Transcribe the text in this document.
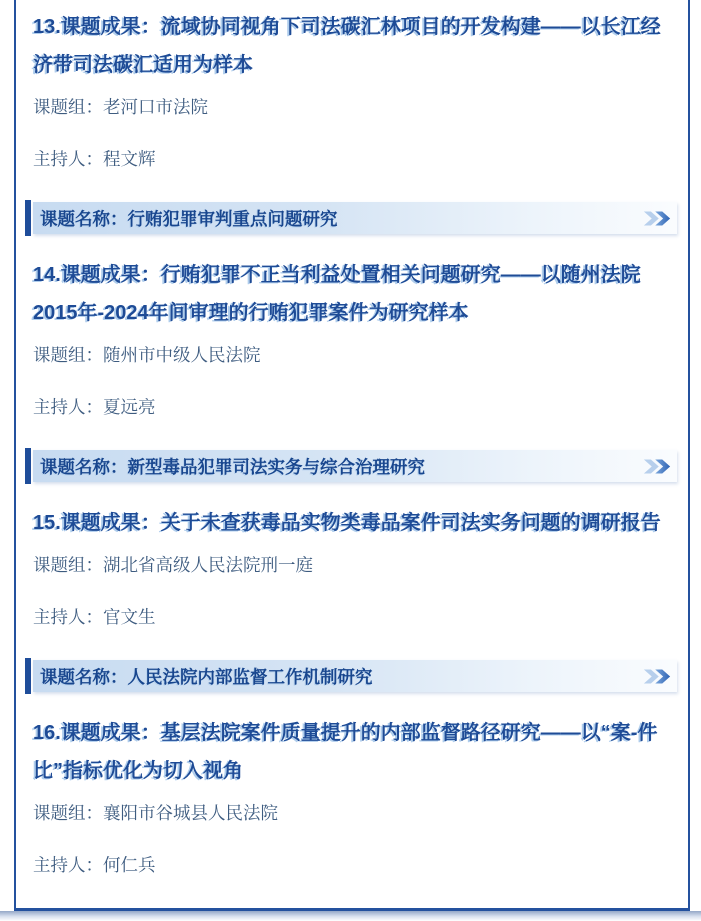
13.课题成果：流域协同视角下司法碳汇林项目的开发构建——以长江经济带司法碳汇适用为样本

课题组：老河口市法院

主持人：程文辉

课题名称：行贿犯罪审判重点问题研究

14.课题成果：行贿犯罪不正当利益处置相关问题研究——以随州法院2015年-2024年间审理的行贿犯罪案件为研究样本

课题组：随州市中级人民法院

主持人：夏远亮

课题名称：新型毒品犯罪司法实务与综合治理研究

15.课题成果：关于未查获毒品实物类毒品案件司法实务问题的调研报告

课题组：湖北省高级人民法院刑一庭

主持人：官文生

课题名称：人民法院内部监督工作机制研究

16.课题成果：基层法院案件质量提升的内部监督路径研究——以“案-件比”指标优化为切入视角

课题组：襄阳市谷城县人民法院

主持人：何仁兵
